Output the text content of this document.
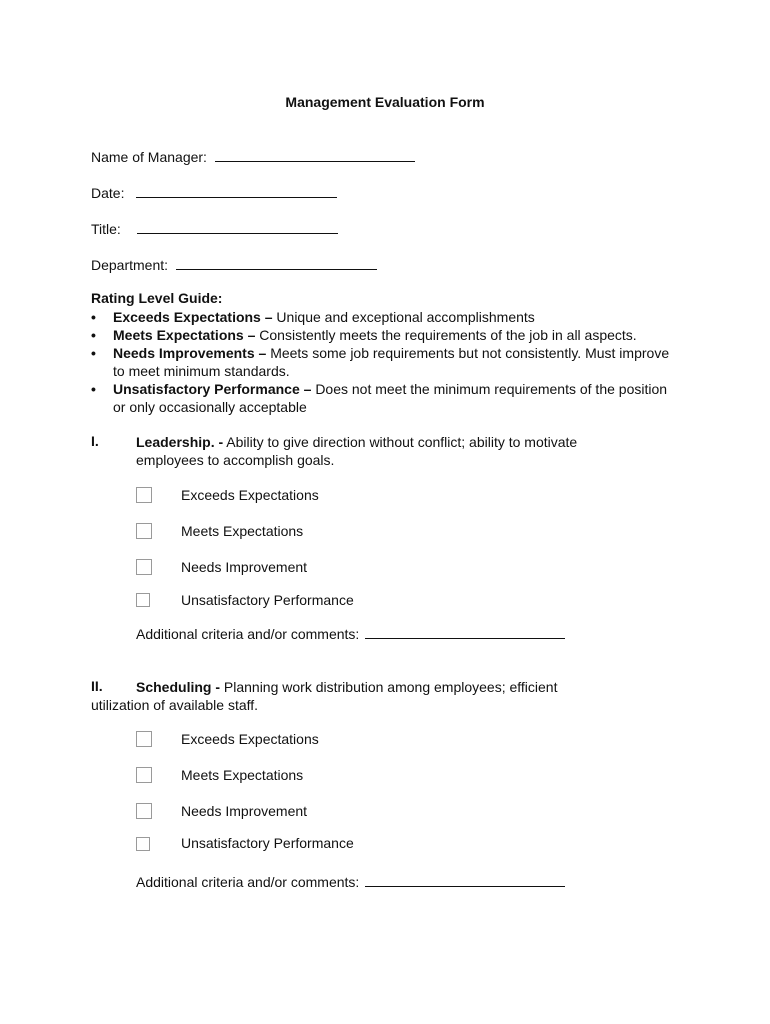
Management Evaluation Form
Name of Manager:
Date:
Title:
Department:
Rating Level Guide:
• Exceeds Expectations – Unique and exceptional accomplishments
• Meets Expectations – Consistently meets the requirements of the job in all aspects.
• Needs Improvements – Meets some job requirements but not consistently. Must improve to meet minimum standards.
• Unsatisfactory Performance – Does not meet the minimum requirements of the position or only occasionally acceptable
I.	Leadership. - Ability to give direction without conflict; ability to motivate employees to accomplish goals.
Exceeds Expectations
Meets Expectations
Needs Improvement
Unsatisfactory Performance
Additional criteria and/or comments:
II. Scheduling - Planning work distribution among employees; efficient
utilization of available staff.
Exceeds Expectations
Meets Expectations
Needs Improvement
Unsatisfactory Performance
Additional criteria and/or comments:
